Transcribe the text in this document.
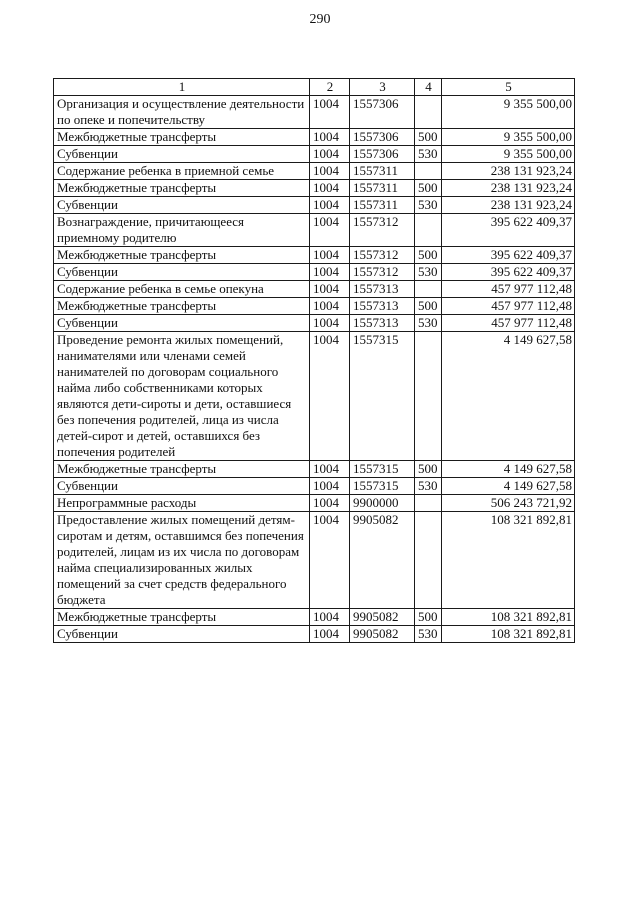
290
1	2	3	4	5
Организация и осуществление деятельности по опеке и попечительству	1004	1557306		9 355 500,00
Межбюджетные трансферты	1004	1557306	500	9 355 500,00
Субвенции	1004	1557306	530	9 355 500,00
Содержание ребенка в приемной семье	1004	1557311		238 131 923,24
Межбюджетные трансферты	1004	1557311	500	238 131 923,24
Субвенции	1004	1557311	530	238 131 923,24
Вознаграждение, причитающееся приемному родителю	1004	1557312		395 622 409,37
Межбюджетные трансферты	1004	1557312	500	395 622 409,37
Субвенции	1004	1557312	530	395 622 409,37
Содержание ребенка в семье опекуна	1004	1557313		457 977 112,48
Межбюджетные трансферты	1004	1557313	500	457 977 112,48
Субвенции	1004	1557313	530	457 977 112,48
Проведение ремонта жилых помещений, нанимателями или членами семей нанимателей по договорам социального найма либо собственниками которых являются дети-сироты и дети, оставшиеся без попечения родителей, лица из числа детей-сирот и детей, оставшихся без попечения родителей	1004	1557315		4 149 627,58
Межбюджетные трансферты	1004	1557315	500	4 149 627,58
Субвенции	1004	1557315	530	4 149 627,58
Непрограммные расходы	1004	9900000		506 243 721,92
Предоставление жилых помещений детям-сиротам и детям, оставшимся без попечения родителей, лицам из их числа по договорам найма специализированных жилых помещений за счет средств федерального бюджета	1004	9905082		108 321 892,81
Межбюджетные трансферты	1004	9905082	500	108 321 892,81
Субвенции	1004	9905082	530	108 321 892,81
